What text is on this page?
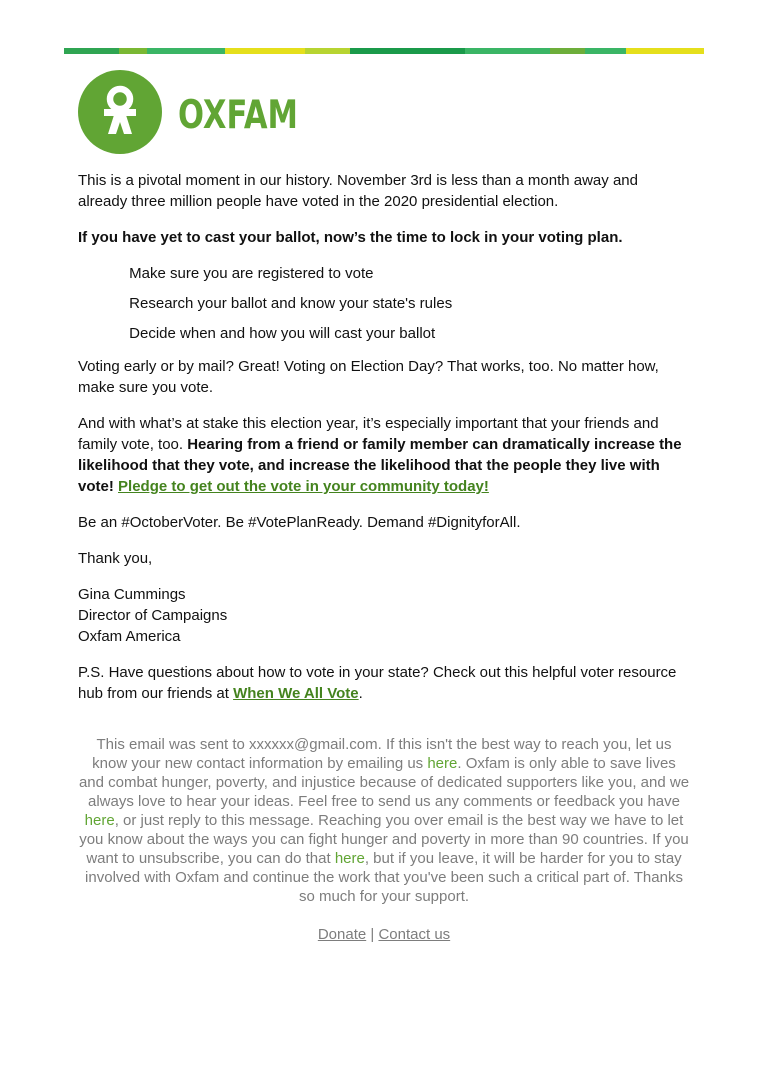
OXFAM

This is a pivotal moment in our history. November 3rd is less than a month away and already three million people have voted in the 2020 presidential election.

If you have yet to cast your ballot, now’s the time to lock in your voting plan.

Make sure you are registered to vote
Research your ballot and know your state's rules
Decide when and how you will cast your ballot

Voting early or by mail? Great! Voting on Election Day? That works, too. No matter how, make sure you vote.

And with what’s at stake this election year, it’s especially important that your friends and family vote, too. Hearing from a friend or family member can dramatically increase the likelihood that they vote, and increase the likelihood that the people they live with vote! Pledge to get out the vote in your community today!

Be an #OctoberVoter. Be #VotePlanReady. Demand #DignityforAll.

Thank you,

Gina Cummings
Director of Campaigns
Oxfam America

P.S. Have questions about how to vote in your state? Check out this helpful voter resource hub from our friends at When We All Vote.

This email was sent to xxxxxx@gmail.com. If this isn't the best way to reach you, let us know your new contact information by emailing us here. Oxfam is only able to save lives and combat hunger, poverty, and injustice because of dedicated supporters like you, and we always love to hear your ideas. Feel free to send us any comments or feedback you have here, or just reply to this message. Reaching you over email is the best way we have to let you know about the ways you can fight hunger and poverty in more than 90 countries. If you want to unsubscribe, you can do that here, but if you leave, it will be harder for you to stay involved with Oxfam and continue the work that you've been such a critical part of. Thanks so much for your support.
Donate | Contact us
